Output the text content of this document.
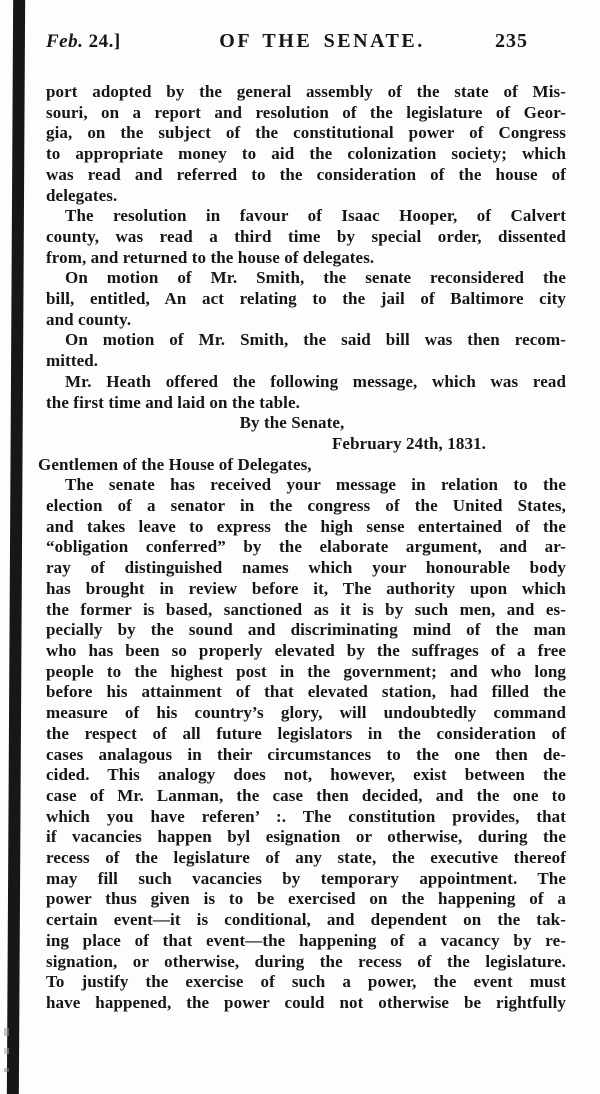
Feb. 24.]	OF THE SENATE.	235
port adopted by the general assembly of the state of Mis-
souri, on a report and resolution of the legislature of Geor-
gia, on the subject of the constitutional power of Congress
to appropriate money to aid the colonization society; which
was read and referred to the consideration of the house of
delegates.
The resolution in favour of Isaac Hooper, of Calvert
county, was read a third time by special order, dissented
from, and returned to the house of delegates.
On motion of Mr. Smith, the senate reconsidered the
bill, entitled, An act relating to the jail of Baltimore city
and county.
On motion of Mr. Smith, the said bill was then recom-
mitted.
Mr. Heath offered the following message, which was read
the first time and laid on the table.
By the Senate,
February 24th, 1831.
Gentlemen of the House of Delegates,
The senate has received your message in relation to the
election of a senator in the congress of the United States,
and takes leave to express the high sense entertained of the
“obligation conferred” by the elaborate argument, and ar-
ray of distinguished names which your honourable body
has brought in review before it, The authority upon which
the former is based, sanctioned as it is by such men, and es-
pecially by the sound and discriminating mind of the man
who has been so properly elevated by the suffrages of a free
people to the highest post in the government; and who long
before his attainment of that elevated station, had filled the
measure of his country’s glory, will undoubtedly command
the respect of all future legislators in the consideration of
cases analagous in their circumstances to the one then de-
cided. This analogy does not, however, exist between the
case of Mr. Lanman, the case then decided, and the one to
which you have referen’ :. The constitution provides, that
if vacancies happen byl esignation or otherwise, during the
recess of the legislature of any state, the executive thereof
may fill such vacancies by temporary appointment. The
power thus given is to be exercised on the happening of a
certain event—it is conditional, and dependent on the tak-
ing place of that event—the happening of a vacancy by re-
signation, or otherwise, during the recess of the legislature.
To justify the exercise of such a power, the event must
have happened, the power could not otherwise be rightfully
